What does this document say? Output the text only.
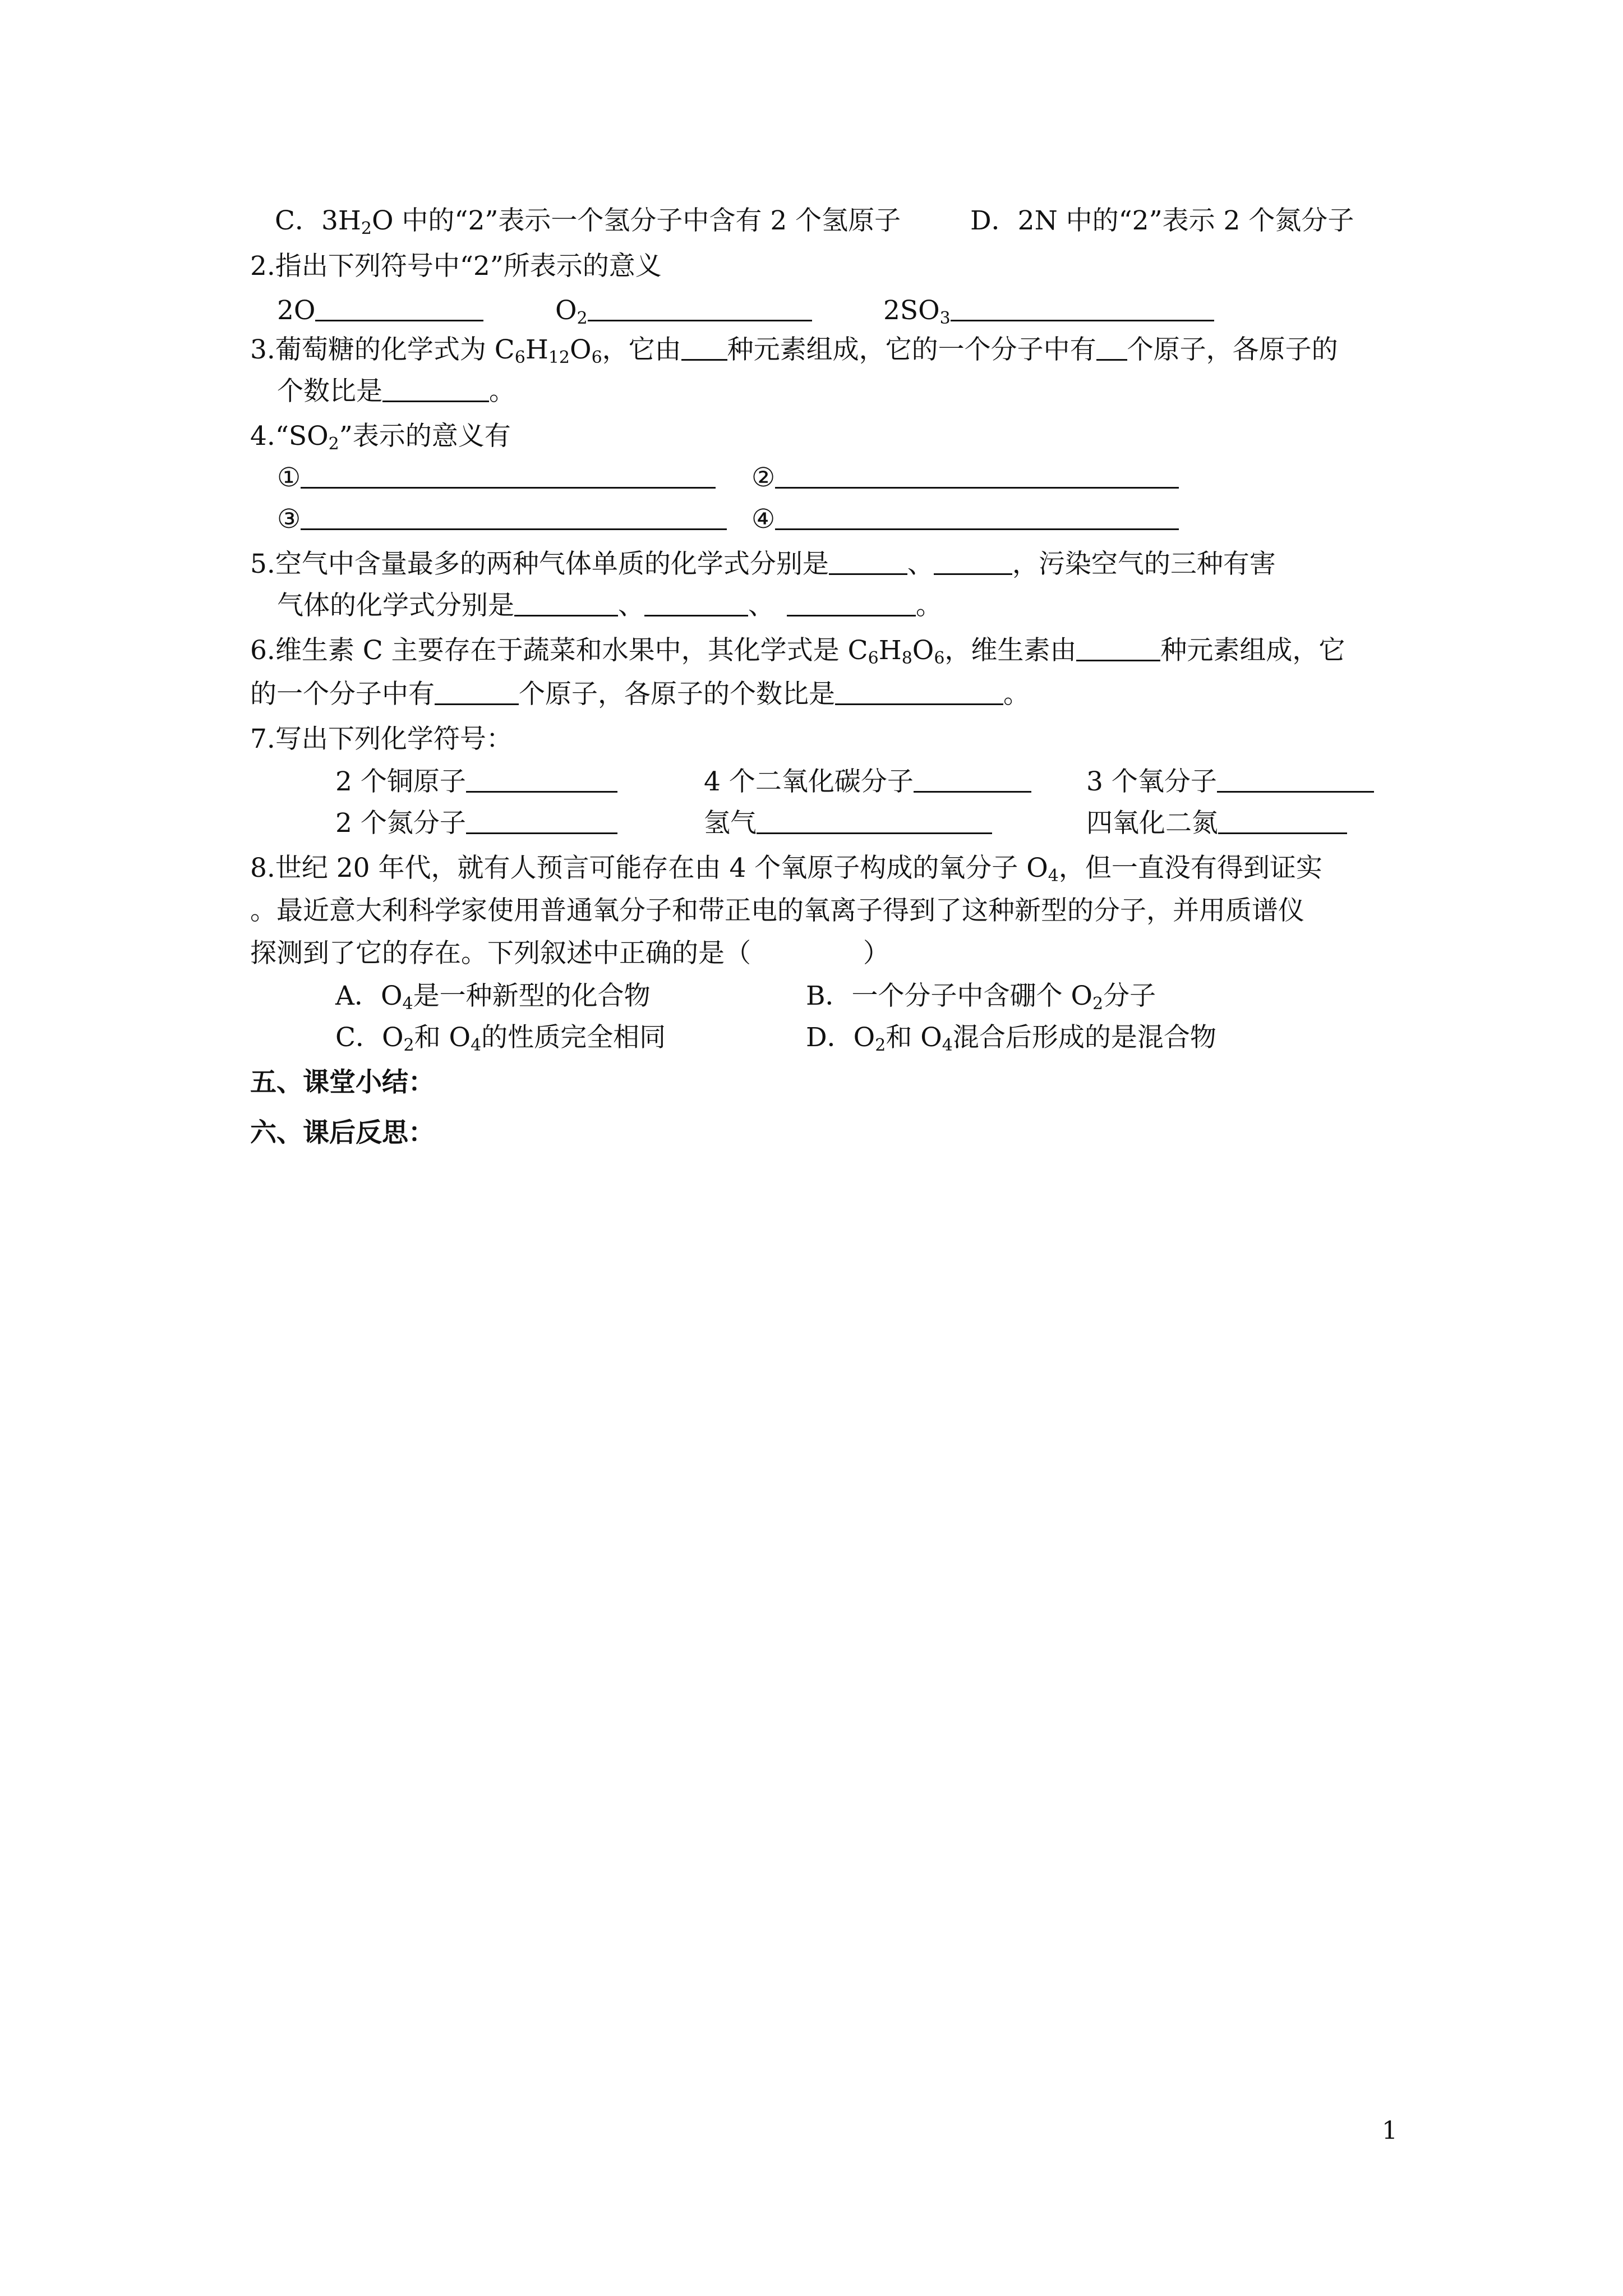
C．$3H_2O$ 中的“2”表示一个氢分子中含有 2 个氢原子	D．2N 中的“2”表示 2 个氮分子
2.指出下列符号中“2”所表示的意义
2O	$O_2$	$2SO_3$
3.葡萄糖的化学式为 $C_6H_{12}O_6$，它由 种元素组成，它的一个分子中有 个原子，各原子的
个数比是	。
$4.“SO_2$”表示的意义有
①	②
③	④
5.空气中含量最多的两种气体单质的化学式分别是	、	，污染空气的三种有害
气体的化学式分别是	、	、	。
6.维生素 C 主要存在于蔬菜和水果中，其化学式是 $C_6H_8O_6$，维生素由	种元素组成，它
的一个分子中有	个原子，各原子的个数比是	。
7.写出下列化学符号：
2 个铜原子	4 个二氧化碳分子	3 个氧分子
2 个氮分子	氢气	四氧化二氮
8.世纪 20 年代，就有人预言可能存在由 4 个氧原子构成的氧分子 $O_4$，但一直没有得到证实
。最近意大利科学家使用普通氧分子和带正电的氧离子得到了这种新型的分子，并用质谱仪
探测到了它的存在。下列叙述中正确的是（	）
A．$O_4$是一种新型的化合物	B．一个分子中含硼个 $O_2$分子
C．$O_2$和 $O_4$的性质完全相同	D．$O_2$和 $O_4$混合后形成的是混合物
五、课堂小结：
六、课后反思：
1
